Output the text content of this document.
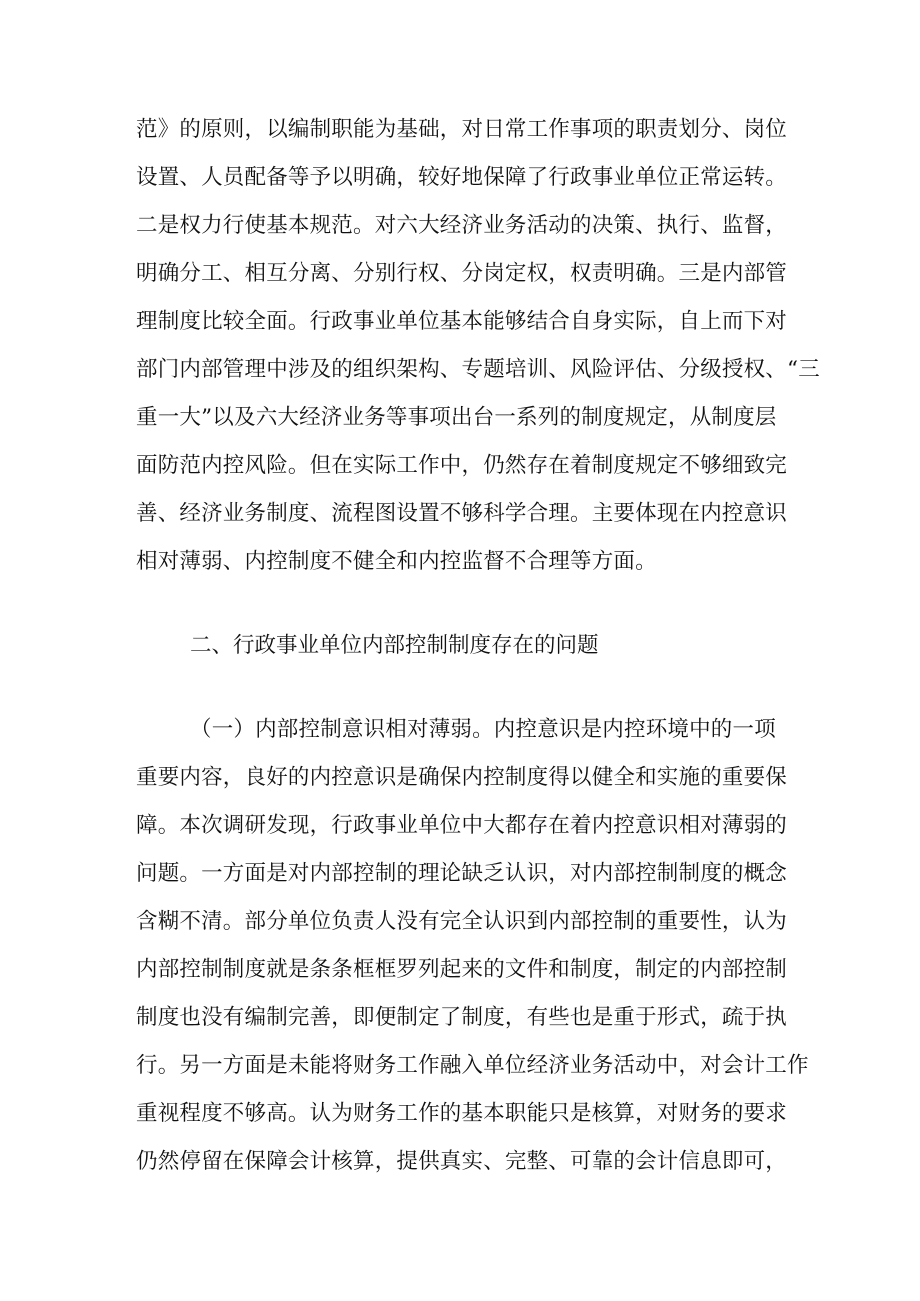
范》的原则，以编制职能为基础，对日常工作事项的职责划分、岗位
设置、人员配备等予以明确，较好地保障了行政事业单位正常运转。
二是权力行使基本规范。对六大经济业务活动的决策、执行、监督，
明确分工、相互分离、分别行权、分岗定权，权责明确。三是内部管
理制度比较全面。行政事业单位基本能够结合自身实际，自上而下对
部门内部管理中涉及的组织架构、专题培训、风险评估、分级授权、“三
重一大”以及六大经济业务等事项出台一系列的制度规定，从制度层
面防范内控风险。但在实际工作中，仍然存在着制度规定不够细致完
善、经济业务制度、流程图设置不够科学合理。主要体现在内控意识
相对薄弱、内控制度不健全和内控监督不合理等方面。
二、行政事业单位内部控制制度存在的问题
（一）内部控制意识相对薄弱。内控意识是内控环境中的一项
重要内容，良好的内控意识是确保内控制度得以健全和实施的重要保
障。本次调研发现，行政事业单位中大都存在着内控意识相对薄弱的
问题。一方面是对内部控制的理论缺乏认识，对内部控制制度的概念
含糊不清。部分单位负责人没有完全认识到内部控制的重要性，认为
内部控制制度就是条条框框罗列起来的文件和制度，制定的内部控制
制度也没有编制完善，即便制定了制度，有些也是重于形式，疏于执
行。另一方面是未能将财务工作融入单位经济业务活动中，对会计工作
重视程度不够高。认为财务工作的基本职能只是核算，对财务的要求
仍然停留在保障会计核算，提供真实、完整、可靠的会计信息即可，
